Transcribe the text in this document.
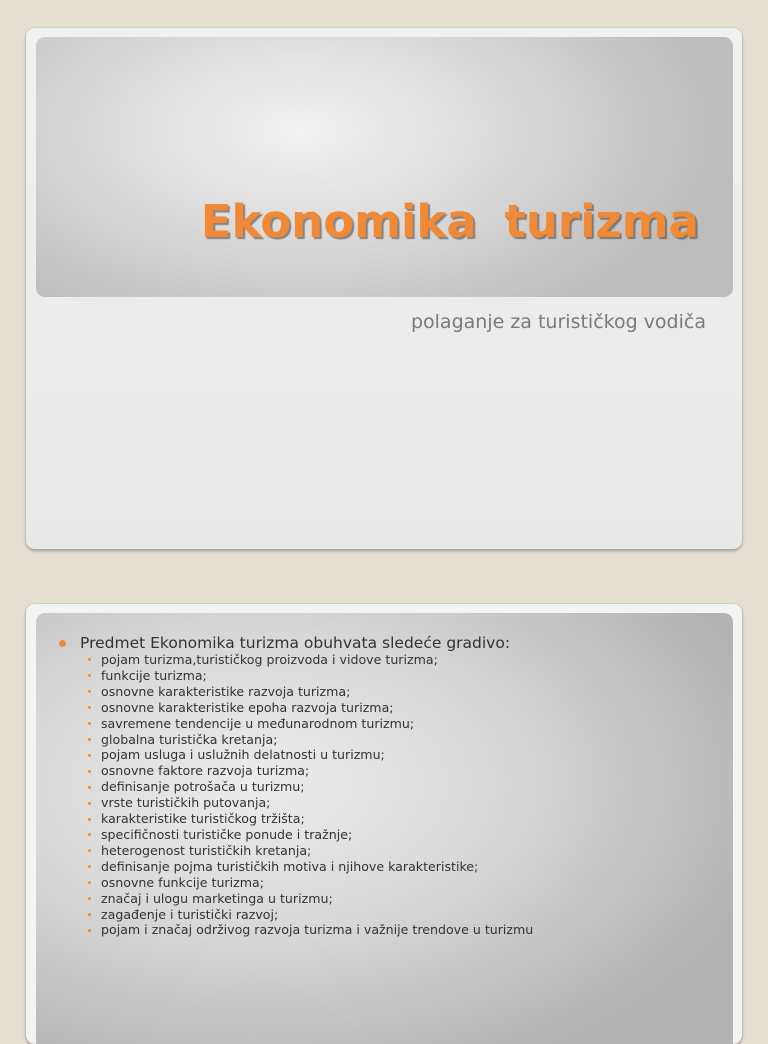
Ekonomika turizma

polaganje za turističkog vodiča

Predmet Ekonomika turizma obuhvata sledeće gradivo:

pojam turizma,turističkog proizvoda i vidove turizma;
funkcije turizma;
osnovne karakteristike razvoja turizma;
osnovne karakteristike epoha razvoja turizma;
savremene tendencije u međunarodnom turizmu;
globalna turistička kretanja;
pojam usluga i uslužnih delatnosti u turizmu;
osnovne faktore razvoja turizma;
definisanje potrošača u turizmu;
vrste turističkih putovanja;
karakteristike turističkog tržišta;
specifičnosti turističke ponude i tražnje;
heterogenost turističkih kretanja;
definisanje pojma turističkih motiva i njihove karakteristike;
osnovne funkcije turizma;
značaj i ulogu marketinga u turizmu;
zagađenje i turistički razvoj;
pojam i značaj održivog razvoja turizma i važnije trendove u turizmu
